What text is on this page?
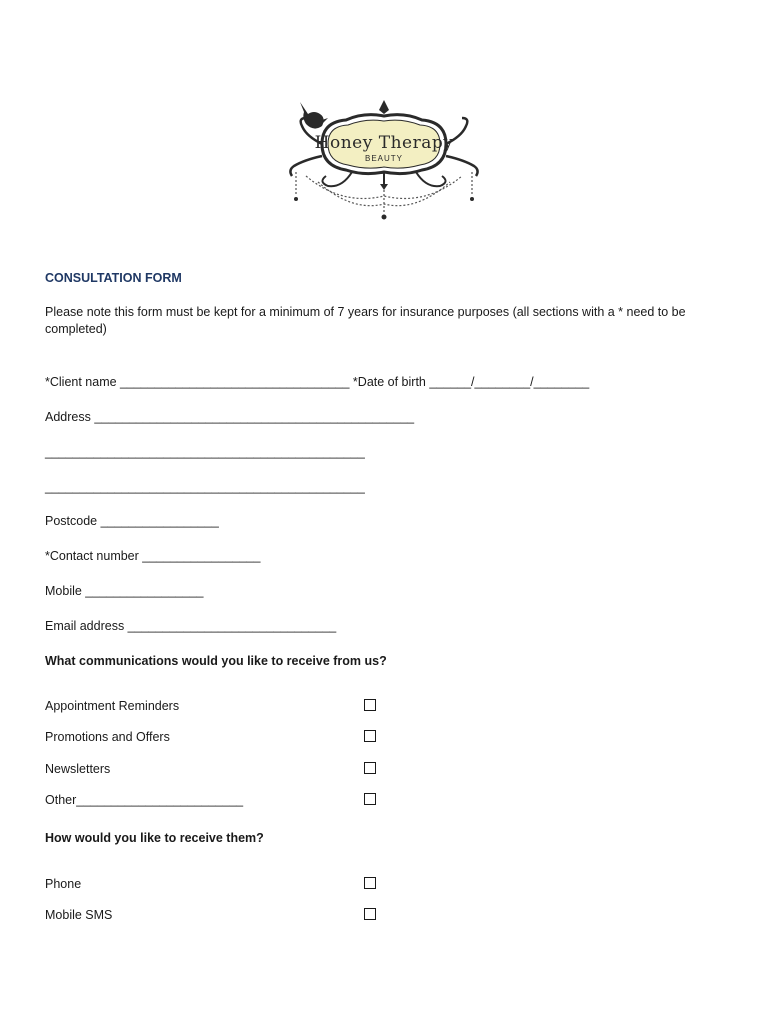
Honey Therapy
BEAUTY
CONSULTATION FORM
Please note this form must be kept for a minimum of 7 years for insurance purposes (all sections with a * need to be completed)
*Client name _________________________________ *Date of birth ______/________/________
Address ______________________________________________
______________________________________________
______________________________________________
Postcode _________________
*Contact number _________________
Mobile _________________
Email address ______________________________
What communications would you like to receive from us?
Appointment Reminders
Promotions and Offers
Newsletters
Other________________________
How would you like to receive them?
Phone
Mobile SMS
